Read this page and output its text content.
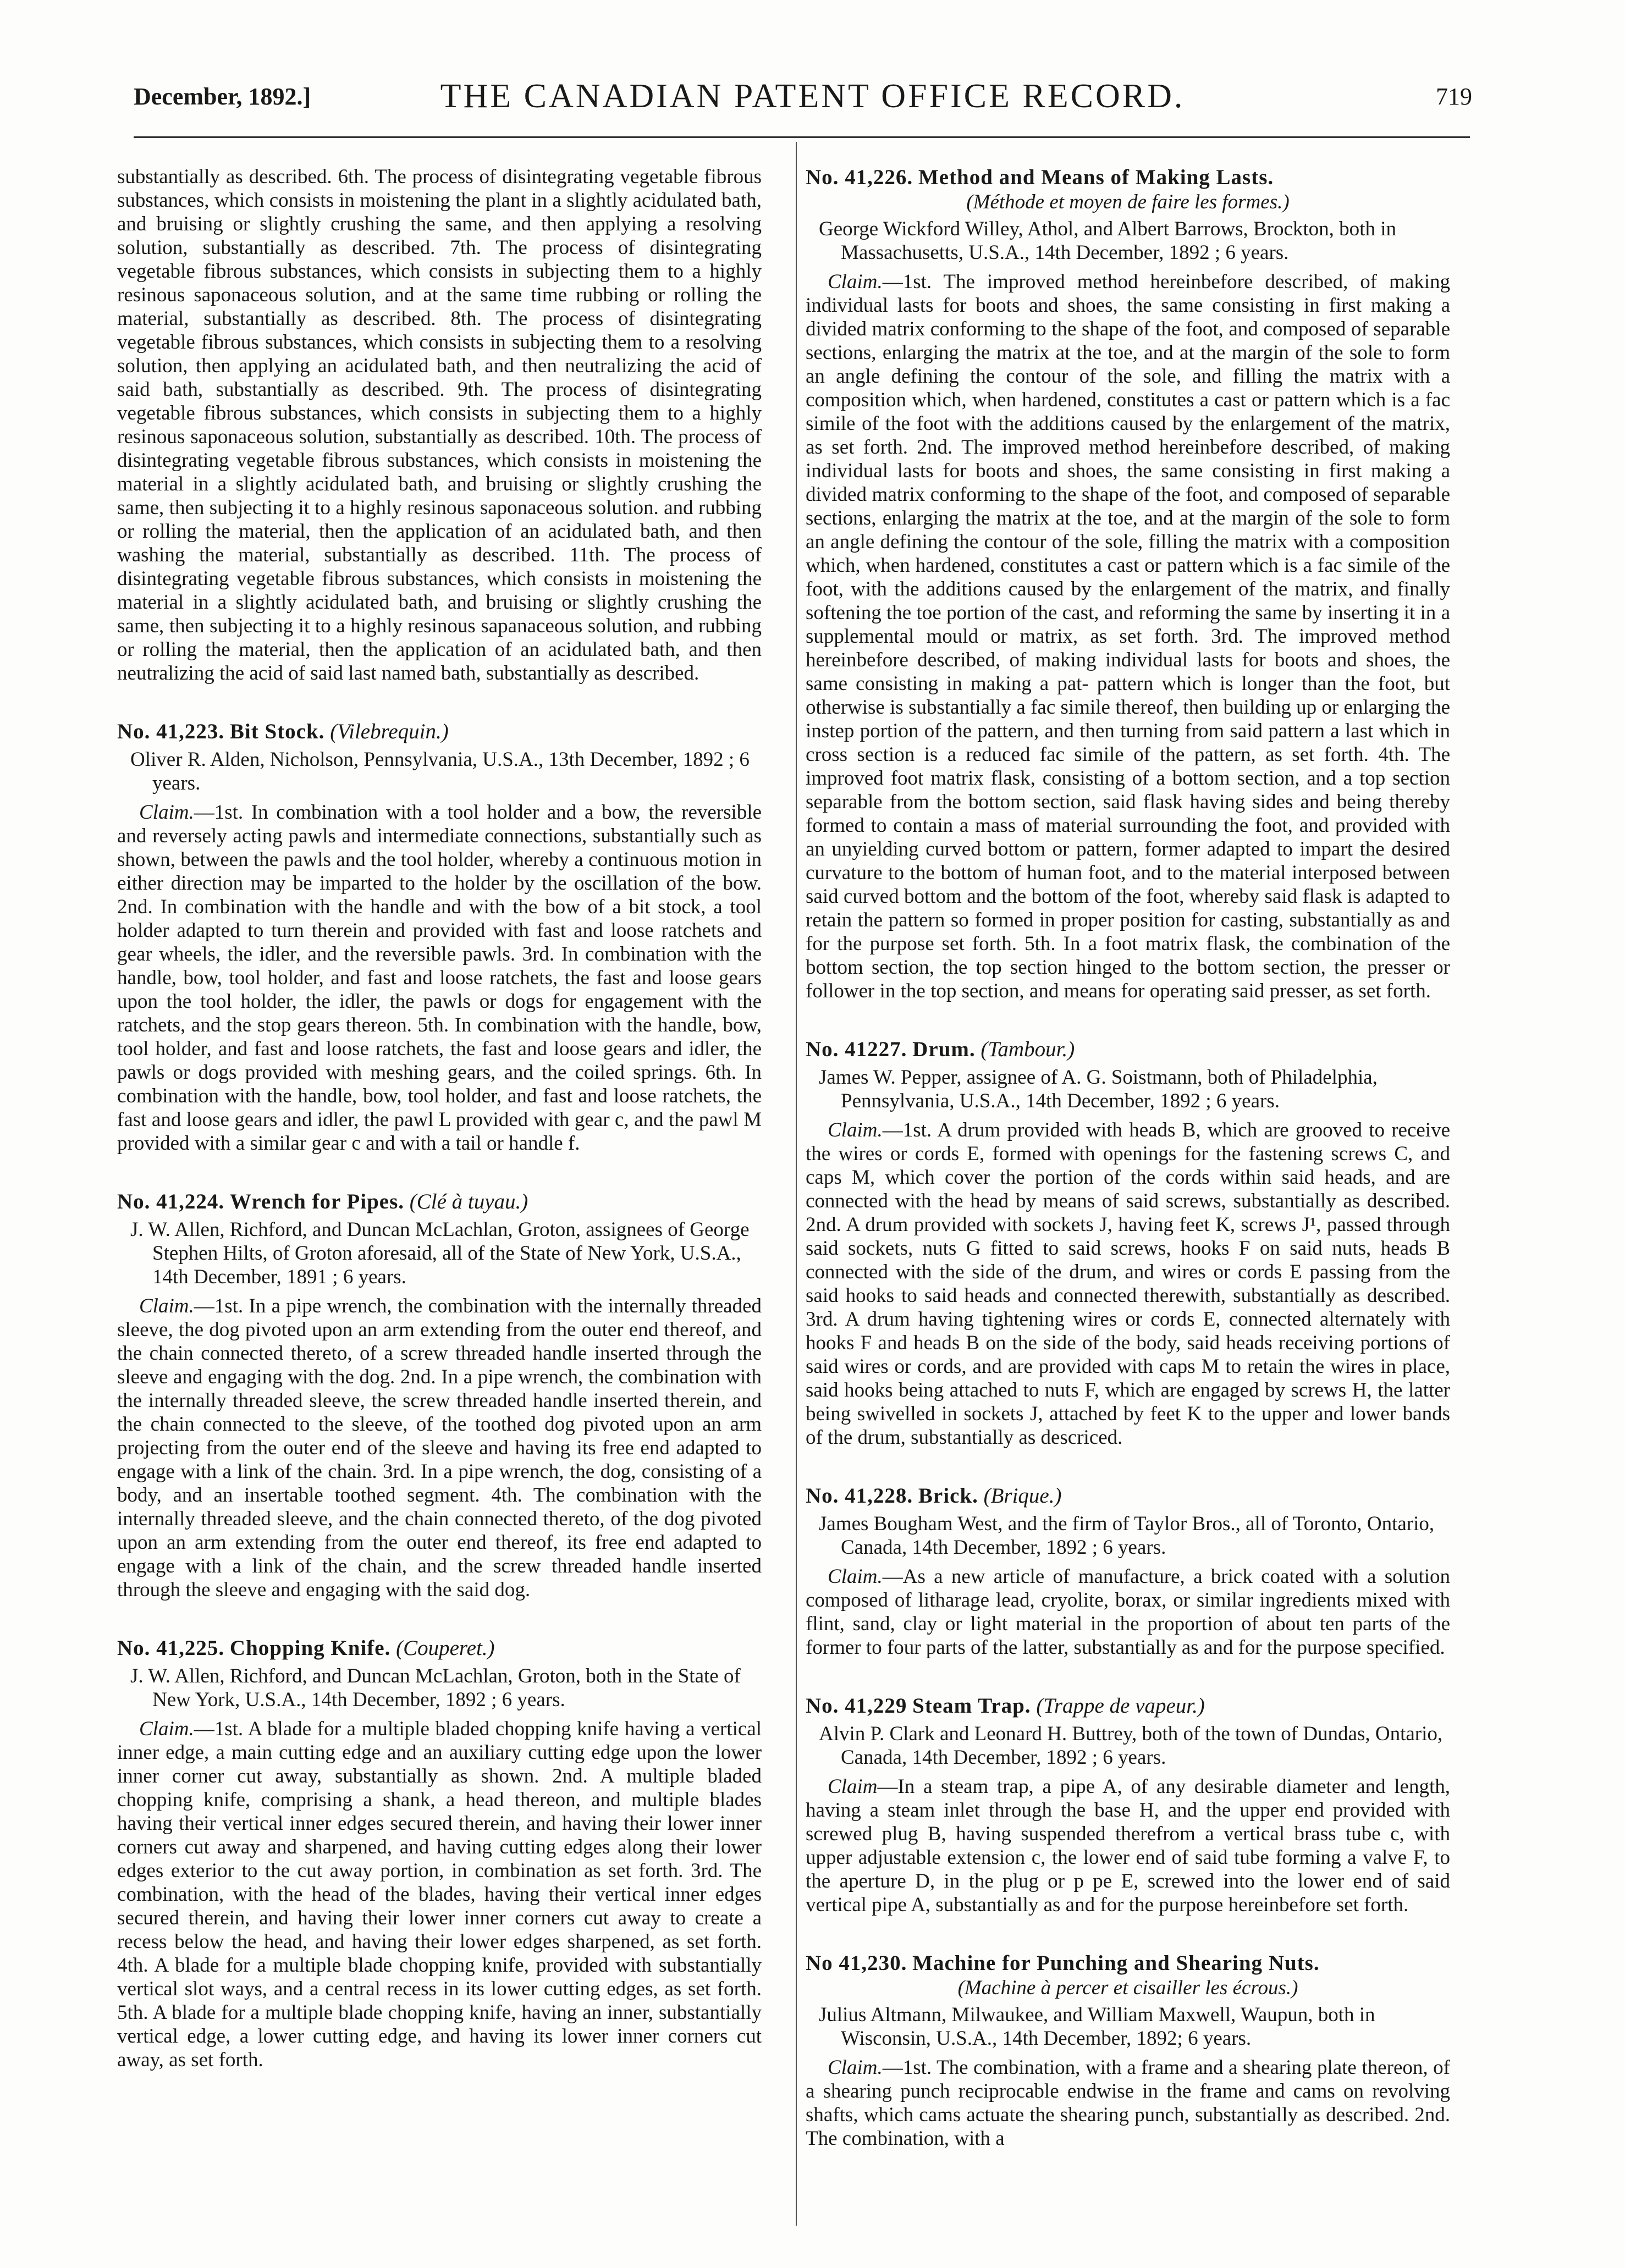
December, 1892.]	THE CANADIAN PATENT OFFICE RECORD.	719

substantially as described. 6th. The process of disintegrating vegetable fibrous substances, which consists in moistening the plant in a slightly acidulated bath, and bruising or slightly crushing the same, and then applying a resolving solution, substantially as described. 7th. The process of disintegrating vegetable fibrous substances, which consists in subjecting them to a highly resinous saponaceous solution, and at the same time rubbing or rolling the material, substantially as described. 8th. The process of disintegrating vegetable fibrous substances, which consists in subjecting them to a resolving solution, then applying an acidulated bath, and then neutralizing the acid of said bath, substantially as described. 9th. The process of disintegrating vegetable fibrous substances, which consists in subjecting them to a highly resinous saponaceous solution, substantially as described. 10th. The process of disintegrating vegetable fibrous substances, which consists in moistening the material in a slightly acidulated bath, and bruising or slightly crushing the same, then subjecting it to a highly resinous saponaceous solution. and rubbing or rolling the material, then the application of an acidulated bath, and then washing the material, substantially as described. 11th. The process of disintegrating vegetable fibrous substances, which consists in moistening the material in a slightly acidulated bath, and bruising or slightly crushing the same, then subjecting it to a highly resinous sapanaceous solution, and rubbing or rolling the material, then the application of an acidulated bath, and then neutralizing the acid of said last named bath, substantially as described.

No. 41,223. Bit Stock. (Vilebrequin.)

Oliver R. Alden, Nicholson, Pennsylvania, U.S.A., 13th December, 1892 ; 6 years.

Claim.—1st. In combination with a tool holder and a bow, the reversible and reversely acting pawls and intermediate connections, substantially such as shown, between the pawls and the tool holder, whereby a continuous motion in either direction may be imparted to the holder by the oscillation of the bow. 2nd. In combination with the handle and with the bow of a bit stock, a tool holder adapted to turn therein and provided with fast and loose ratchets and gear wheels, the idler, and the reversible pawls. 3rd. In combination with the handle, bow, tool holder, and fast and loose ratchets, the fast and loose gears upon the tool holder, the idler, the pawls or dogs for engagement with the ratchets, and the stop gears thereon. 5th. In combination with the handle, bow, tool holder, and fast and loose ratchets, the fast and loose gears and idler, the pawls or dogs provided with meshing gears, and the coiled springs. 6th. In combination with the handle, bow, tool holder, and fast and loose ratchets, the fast and loose gears and idler, the pawl L provided with gear c, and the pawl M provided with a similar gear c and with a tail or handle f.

No. 41,224. Wrench for Pipes. (Clé à tuyau.)

J. W. Allen, Richford, and Duncan McLachlan, Groton, assignees of George Stephen Hilts, of Groton aforesaid, all of the State of New York, U.S.A., 14th December, 1891 ; 6 years.

Claim.—1st. In a pipe wrench, the combination with the internally threaded sleeve, the dog pivoted upon an arm extending from the outer end thereof, and the chain connected thereto, of a screw threaded handle inserted through the sleeve and engaging with the dog. 2nd. In a pipe wrench, the combination with the internally threaded sleeve, the screw threaded handle inserted therein, and the chain connected to the sleeve, of the toothed dog pivoted upon an arm projecting from the outer end of the sleeve and having its free end adapted to engage with a link of the chain. 3rd. In a pipe wrench, the dog, consisting of a body, and an insertable toothed segment. 4th. The combination with the internally threaded sleeve, and the chain connected thereto, of the dog pivoted upon an arm extending from the outer end thereof, its free end adapted to engage with a link of the chain, and the screw threaded handle inserted through the sleeve and engaging with the said dog.

No. 41,225. Chopping Knife. (Couperet.)

J. W. Allen, Richford, and Duncan McLachlan, Groton, both in the State of New York, U.S.A., 14th December, 1892 ; 6 years.

Claim.—1st. A blade for a multiple bladed chopping knife having a vertical inner edge, a main cutting edge and an auxiliary cutting edge upon the lower inner corner cut away, substantially as shown. 2nd. A multiple bladed chopping knife, comprising a shank, a head thereon, and multiple blades having their vertical inner edges secured therein, and having their lower inner corners cut away and sharpened, and having cutting edges along their lower edges exterior to the cut away portion, in combination as set forth. 3rd. The combination, with the head of the blades, having their vertical inner edges secured therein, and having their lower inner corners cut away to create a recess below the head, and having their lower edges sharpened, as set forth. 4th. A blade for a multiple blade chopping knife, provided with substantially vertical slot ways, and a central recess in its lower cutting edges, as set forth. 5th. A blade for a multiple blade chopping knife, having an inner, substantially vertical edge, a lower cutting edge, and having its lower inner corners cut away, as set forth.

No. 41,226. Method and Means of Making Lasts.
(Méthode et moyen de faire les formes.)

George Wickford Willey, Athol, and Albert Barrows, Brockton, both in Massachusetts, U.S.A., 14th December, 1892 ; 6 years.

Claim.—1st. The improved method hereinbefore described, of making individual lasts for boots and shoes, the same consisting in first making a divided matrix conforming to the shape of the foot, and composed of separable sections, enlarging the matrix at the toe, and at the margin of the sole to form an angle defining the contour of the sole, and filling the matrix with a composition which, when hardened, constitutes a cast or pattern which is a fac simile of the foot with the additions caused by the enlargement of the matrix, as set forth. 2nd. The improved method hereinbefore described, of making individual lasts for boots and shoes, the same consisting in first making a divided matrix conforming to the shape of the foot, and composed of separable sections, enlarging the matrix at the toe, and at the margin of the sole to form an angle defining the contour of the sole, filling the matrix with a composition which, when hardened, constitutes a cast or pattern which is a fac simile of the foot, with the additions caused by the enlargement of the matrix, and finally softening the toe portion of the cast, and reforming the same by inserting it in a supplemental mould or matrix, as set forth. 3rd. The improved method hereinbefore described, of making individual lasts for boots and shoes, the same consisting in making a pat- pattern which is longer than the foot, but otherwise is substantially a fac simile thereof, then building up or enlarging the instep portion of the pattern, and then turning from said pattern a last which in cross section is a reduced fac simile of the pattern, as set forth. 4th. The improved foot matrix flask, consisting of a bottom section, and a top section separable from the bottom section, said flask having sides and being thereby formed to contain a mass of material surrounding the foot, and provided with an unyielding curved bottom or pattern, former adapted to impart the desired curvature to the bottom of human foot, and to the material interposed between said curved bottom and the bottom of the foot, whereby said flask is adapted to retain the pattern so formed in proper position for casting, substantially as and for the purpose set forth. 5th. In a foot matrix flask, the combination of the bottom section, the top section hinged to the bottom section, the presser or follower in the top section, and means for operating said presser, as set forth.

No. 41227. Drum. (Tambour.)

James W. Pepper, assignee of A. G. Soistmann, both of Philadelphia, Pennsylvania, U.S.A., 14th December, 1892 ; 6 years.

Claim.—1st. A drum provided with heads B, which are grooved to receive the wires or cords E, formed with openings for the fastening screws C, and caps M, which cover the portion of the cords within said heads, and are connected with the head by means of said screws, substantially as described. 2nd. A drum provided with sockets J, having feet K, screws J¹, passed through said sockets, nuts G fitted to said screws, hooks F on said nuts, heads B connected with the side of the drum, and wires or cords E passing from the said hooks to said heads and connected therewith, substantially as described. 3rd. A drum having tightening wires or cords E, connected alternately with hooks F and heads B on the side of the body, said heads receiving portions of said wires or cords, and are provided with caps M to retain the wires in place, said hooks being attached to nuts F, which are engaged by screws H, the latter being swivelled in sockets J, attached by feet K to the upper and lower bands of the drum, substantially as descriced.

No. 41,228. Brick. (Brique.)

James Bougham West, and the firm of Taylor Bros., all of Toronto, Ontario, Canada, 14th December, 1892 ; 6 years.

Claim.—As a new article of manufacture, a brick coated with a solution composed of litharage lead, cryolite, borax, or similar ingredients mixed with flint, sand, clay or light material in the proportion of about ten parts of the former to four parts of the latter, substantially as and for the purpose specified.

No. 41,229 Steam Trap. (Trappe de vapeur.)

Alvin P. Clark and Leonard H. Buttrey, both of the town of Dundas, Ontario, Canada, 14th December, 1892 ; 6 years.

Claim—In a steam trap, a pipe A, of any desirable diameter and length, having a steam inlet through the base H, and the upper end provided with screwed plug B, having suspended therefrom a vertical brass tube c, with upper adjustable extension c, the lower end of said tube forming a valve F, to the aperture D, in the plug or p pe E, screwed into the lower end of said vertical pipe A, substantially as and for the purpose hereinbefore set forth.

No 41,230. Machine for Punching and Shearing Nuts.
(Machine à percer et cisailler les écrous.)

Julius Altmann, Milwaukee, and William Maxwell, Waupun, both in Wisconsin, U.S.A., 14th December, 1892; 6 years.

Claim.—1st. The combination, with a frame and a shearing plate thereon, of a shearing punch reciprocable endwise in the frame and cams on revolving shafts, which cams actuate the shearing punch, substantially as described. 2nd. The combination, with a
